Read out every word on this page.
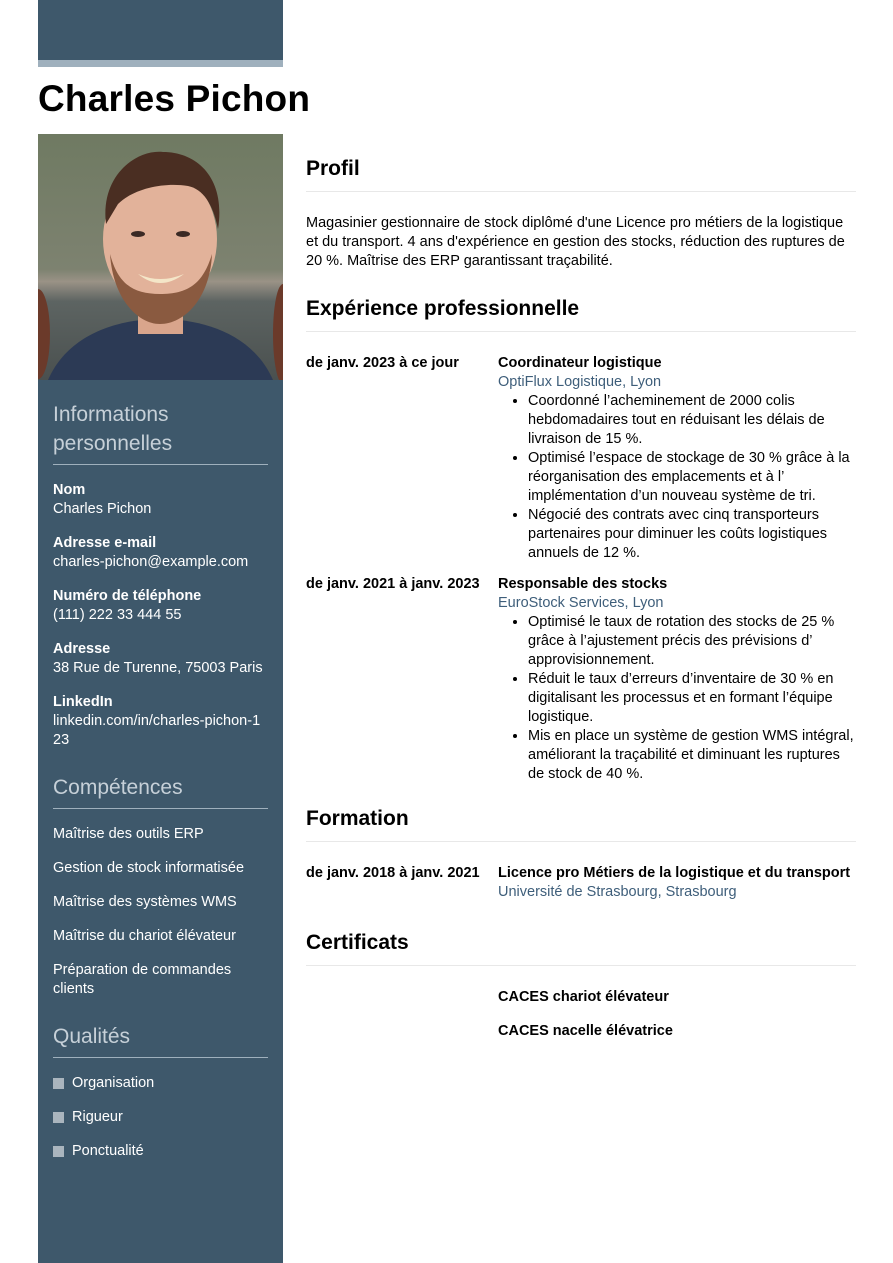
Charles Pichon
Informations personnelles
Nom
Charles Pichon
Adresse e-mail
charles-pichon@example.com
Numéro de téléphone
(111) 222 33 444 55
Adresse
38 Rue de Turenne, 75003 Paris
LinkedIn
linkedin.com/in/charles-pichon-123
Compétences
Maîtrise des outils ERP
Gestion de stock informatisée
Maîtrise des systèmes WMS
Maîtrise du chariot élévateur
Préparation de commandes clients
Qualités
Organisation
Rigueur
Ponctualité
Profil

Magasinier gestionnaire de stock diplômé d'une Licence pro métiers de la logistique et du transport. 4 ans d'expérience en gestion des stocks, réduction des ruptures de 20 %. Maîtrise des ERP garantissant traçabilité.

Expérience professionnelle
de janv. 2023 à ce jour	Coordinateur logistique
OptiFlux Logistique, Lyon
• Coordonné l’acheminement de 2000 colis hebdomadaires tout en réduisant les délais de livraison de 15 %.
• Optimisé l’espace de stockage de 30 % grâce à la réorganisation des emplacements et à l’ implémentation d’un nouveau système de tri.
• Négocié des contrats avec cinq transporteurs partenaires pour diminuer les coûts logistiques annuels de 12 %.
de janv. 2021 à janv. 2023	Responsable des stocks
EuroStock Services, Lyon
• Optimisé le taux de rotation des stocks de 25 % grâce à l’ajustement précis des prévisions d’ approvisionnement.
• Réduit le taux d’erreurs d’inventaire de 30 % en digitalisant les processus et en formant l’équipe logistique.
• Mis en place un système de gestion WMS intégral, améliorant la traçabilité et diminuant les ruptures de stock de 40 %.
Formation
de janv. 2018 à janv. 2021	Licence pro Métiers de la logistique et du transport
Université de Strasbourg, Strasbourg
Certificats
CACES chariot élévateur
CACES nacelle élévatrice
